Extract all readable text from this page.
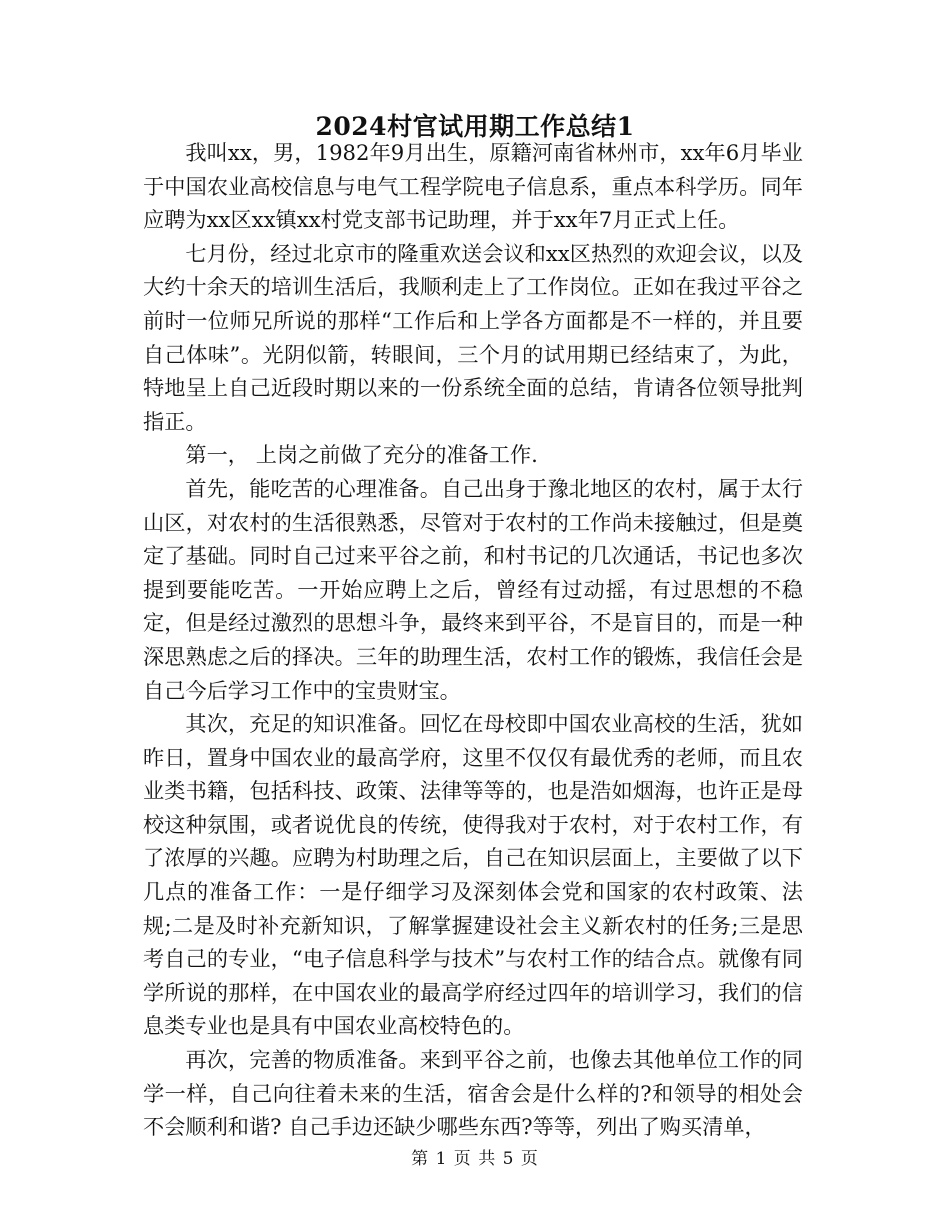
2024村官试用期工作总结1

我叫xx，男，1982年9月出生，原籍河南省林州市，xx年6月毕业于中国农业高校信息与电气工程学院电子信息系，重点本科学历。同年应聘为xx区xx镇xx村党支部书记助理，并于xx年7月正式上任。

七月份，经过北京市的隆重欢送会议和xx区热烈的欢迎会议，以及大约十余天的培训生活后，我顺利走上了工作岗位。正如在我过平谷之前时一位师兄所说的那样“工作后和上学各方面都是不一样的，并且要自己体味”。光阴似箭，转眼间，三个月的试用期已经结束了，为此，特地呈上自己近段时期以来的一份系统全面的总结，肯请各位领导批判指正。

第一， 上岗之前做了充分的准备工作.

首先，能吃苦的心理准备。自己出身于豫北地区的农村，属于太行山区，对农村的生活很熟悉，尽管对于农村的工作尚未接触过，但是奠定了基础。同时自己过来平谷之前，和村书记的几次通话，书记也多次提到要能吃苦。一开始应聘上之后，曾经有过动摇，有过思想的不稳定，但是经过激烈的思想斗争，最终来到平谷，不是盲目的，而是一种深思熟虑之后的择决。三年的助理生活，农村工作的锻炼，我信任会是自己今后学习工作中的宝贵财宝。

其次，充足的知识准备。回忆在母校即中国农业高校的生活，犹如昨日，置身中国农业的最高学府，这里不仅仅有最优秀的老师，而且农业类书籍，包括科技、政策、法律等等的，也是浩如烟海，也许正是母校这种氛围，或者说优良的传统，使得我对于农村，对于农村工作，有了浓厚的兴趣。应聘为村助理之后，自己在知识层面上，主要做了以下几点的准备工作：一是仔细学习及深刻体会党和国家的农村政策、法规;二是及时补充新知识，了解掌握建设社会主义新农村的任务;三是思考自己的专业，“电子信息科学与技术”与农村工作的结合点。就像有同学所说的那样，在中国农业的最高学府经过四年的培训学习，我们的信息类专业也是具有中国农业高校特色的。

再次，完善的物质准备。来到平谷之前，也像去其他单位工作的同学一样，自己向往着未来的生活，宿舍会是什么样的?和领导的相处会不会顺利和谐? 自己手边还缺少哪些东西?等等，列出了购买清单，

第 1 页 共 5 页
